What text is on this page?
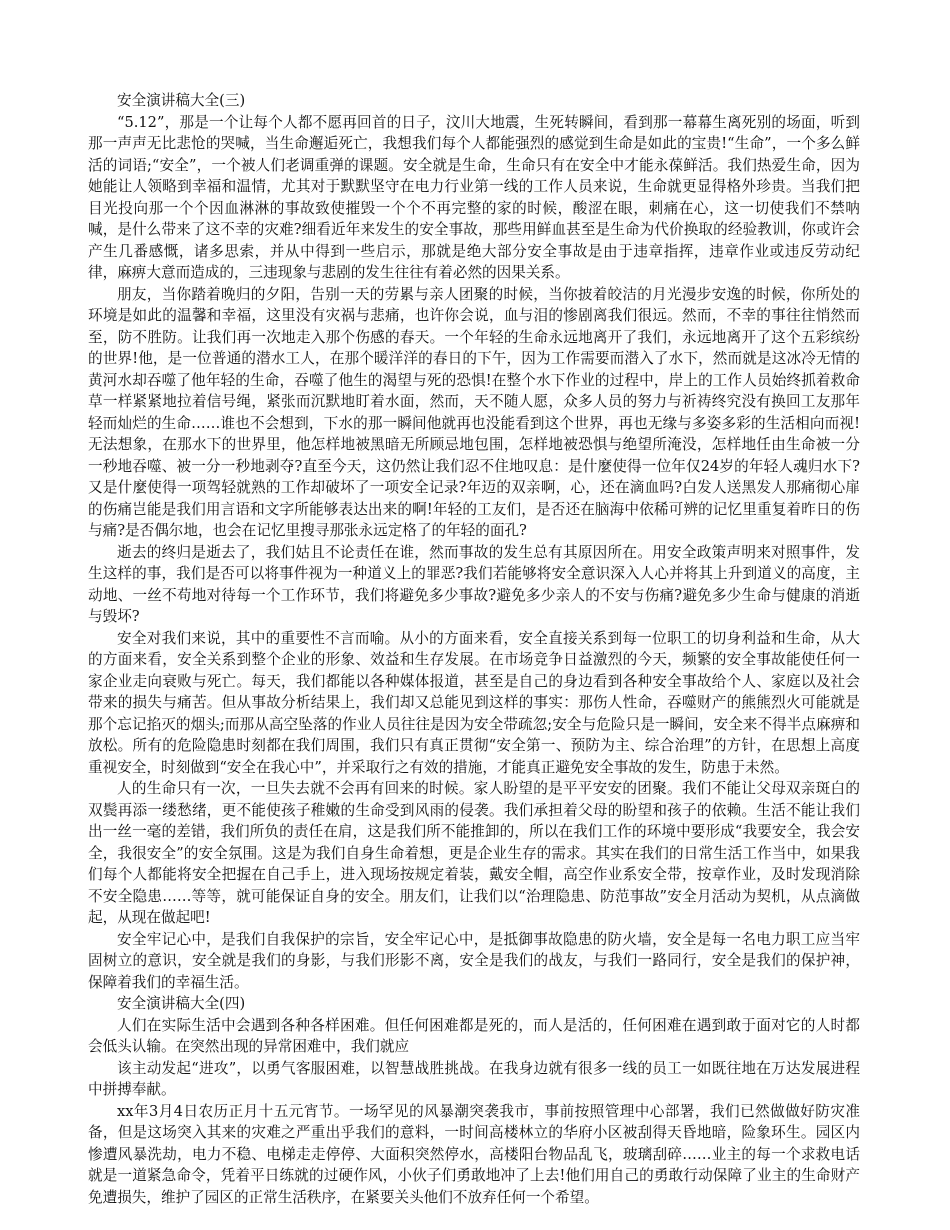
安全演讲稿大全(三)

“5.12”，那是一个让每个人都不愿再回首的日子，汶川大地震，生死转瞬间，看到那一幕幕生离死别的场面，听到那一声声无比悲怆的哭喊，当生命邂逅死亡，我想我们每个人都能强烈的感觉到生命是如此的宝贵!“生命”，一个多么鲜活的词语;“安全”，一个被人们老调重弹的课题。安全就是生命，生命只有在安全中才能永葆鲜活。我们热爱生命，因为她能让人领略到幸福和温情，尤其对于默默坚守在电力行业第一线的工作人员来说，生命就更显得格外珍贵。当我们把目光投向那一个个因血淋淋的事故致使摧毁一个个不再完整的家的时候，酸涩在眼，刺痛在心，这一切使我们不禁呐喊，是什么带来了这不幸的灾难?细看近年来发生的安全事故，那些用鲜血甚至是生命为代价换取的经验教训，你或许会产生几番感慨，诸多思索，并从中得到一些启示，那就是绝大部分安全事故是由于违章指挥，违章作业或违反劳动纪律，麻痹大意而造成的，三违现象与悲剧的发生往往有着必然的因果关系。

朋友，当你踏着晚归的夕阳，告别一天的劳累与亲人团聚的时候，当你披着皎洁的月光漫步安逸的时候，你所处的环境是如此的温馨和幸福，这里没有灾祸与悲痛，也许你会说，血与泪的惨剧离我们很远。然而，不幸的事往往悄然而至，防不胜防。让我们再一次地走入那个伤感的春天。一个年轻的生命永远地离开了我们，永远地离开了这个五彩缤纷的世界!他，是一位普通的潜水工人，在那个暖洋洋的春日的下午，因为工作需要而潜入了水下，然而就是这冰冷无情的黄河水却吞噬了他年轻的生命，吞噬了他生的渴望与死的恐惧!在整个水下作业的过程中，岸上的工作人员始终抓着救命草一样紧紧地拉着信号绳，紧张而沉默地盯着水面，然而，天不随人愿，众多人员的努力与祈祷终究没有换回工友那年轻而灿烂的生命……谁也不会想到，下水的那一瞬间他就再也没能看到这个世界，再也无缘与多姿多彩的生活相向而视!无法想象，在那水下的世界里，他怎样地被黑暗无所顾忌地包围，怎样地被恐惧与绝望所淹没，怎样地任由生命被一分一秒地吞噬、被一分一秒地剥夺?直至今天，这仍然让我们忍不住地叹息：是什麼使得一位年仅24岁的年轻人魂归水下?又是什麼使得一项驾轻就熟的工作却破坏了一项安全记录?年迈的双亲啊，心，还在滴血吗?白发人送黑发人那痛彻心扉的伤痛岂能是我们用言语和文字所能够表达出来的啊!年轻的工友们，是否还在脑海中依稀可辨的记忆里重复着昨日的伤与痛?是否偶尔地，也会在记忆里搜寻那张永远定格了的年轻的面孔?

逝去的终归是逝去了，我们姑且不论责任在谁，然而事故的发生总有其原因所在。用安全政策声明来对照事件，发生这样的事，我们是否可以将事件视为一种道义上的罪恶?我们若能够将安全意识深入人心并将其上升到道义的高度，主动地、一丝不苟地对待每一个工作环节，我们将避免多少事故?避免多少亲人的不安与伤痛?避免多少生命与健康的消逝与毁坏?

安全对我们来说，其中的重要性不言而喻。从小的方面来看，安全直接关系到每一位职工的切身利益和生命，从大的方面来看，安全关系到整个企业的形象、效益和生存发展。在市场竞争日益激烈的今天，频繁的安全事故能使任何一家企业走向衰败与死亡。每天，我们都能以各种媒体报道，甚至是自己的身边看到各种安全事故给个人、家庭以及社会带来的损失与痛苦。但从事故分析结果上，我们却又总能见到这样的事实：那伤人性命，吞噬财产的熊熊烈火可能就是那个忘记掐灭的烟头;而那从高空坠落的作业人员往往是因为安全带疏忽;安全与危险只是一瞬间，安全来不得半点麻痹和放松。所有的危险隐患时刻都在我们周围，我们只有真正贯彻“安全第一、预防为主、综合治理”的方针，在思想上高度重视安全，时刻做到“安全在我心中”，并采取行之有效的措施，才能真正避免安全事故的发生，防患于未然。

人的生命只有一次，一旦失去就不会再有回来的时候。家人盼望的是平平安安的团聚。我们不能让父母双亲斑白的双鬓再添一缕愁绪，更不能使孩子稚嫩的生命受到风雨的侵袭。我们承担着父母的盼望和孩子的依赖。生活不能让我们出一丝一毫的差错，我们所负的责任在肩，这是我们所不能推卸的，所以在我们工作的环境中要形成“我要安全，我会安全，我很安全”的安全氛围。这是为我们自身生命着想，更是企业生存的需求。其实在我们的日常生活工作当中，如果我们每个人都能将安全把握在自己手上，进入现场按规定着装，戴安全帽，高空作业系安全带，按章作业，及时发现消除不安全隐患……等等，就可能保证自身的安全。朋友们，让我们以“治理隐患、防范事故”安全月活动为契机，从点滴做起，从现在做起吧!

安全牢记心中，是我们自我保护的宗旨，安全牢记心中，是抵御事故隐患的防火墙，安全是每一名电力职工应当牢固树立的意识，安全就是我们的身影，与我们形影不离，安全是我们的战友，与我们一路同行，安全是我们的保护神，保障着我们的幸福生活。

安全演讲稿大全(四)

人们在实际生活中会遇到各种各样困难。但任何困难都是死的，而人是活的，任何困难在遇到敢于面对它的人时都会低头认输。在突然出现的异常困难中，我们就应

该主动发起“进攻”，以勇气客服困难，以智慧战胜挑战。在我身边就有很多一线的员工一如既往地在万达发展进程中拼搏奉献。

xx年3月4日农历正月十五元宵节。一场罕见的风暴潮突袭我市，事前按照管理中心部署，我们已然做做好防灾准备，但是这场突入其来的灾难之严重出乎我们的意料，一时间高楼林立的华府小区被刮得天昏地暗，险象环生。园区内惨遭风暴洗劫，电力不稳、电梯走走停停、大面积突然停水，高楼阳台物品乱飞，玻璃刮碎……业主的每一个求救电话就是一道紧急命令，凭着平日练就的过硬作风，小伙子们勇敢地冲了上去!他们用自己的勇敢行动保障了业主的生命财产免遭损失，维护了园区的正常生活秩序，在紧要关头他们不放弃任何一个希望。
